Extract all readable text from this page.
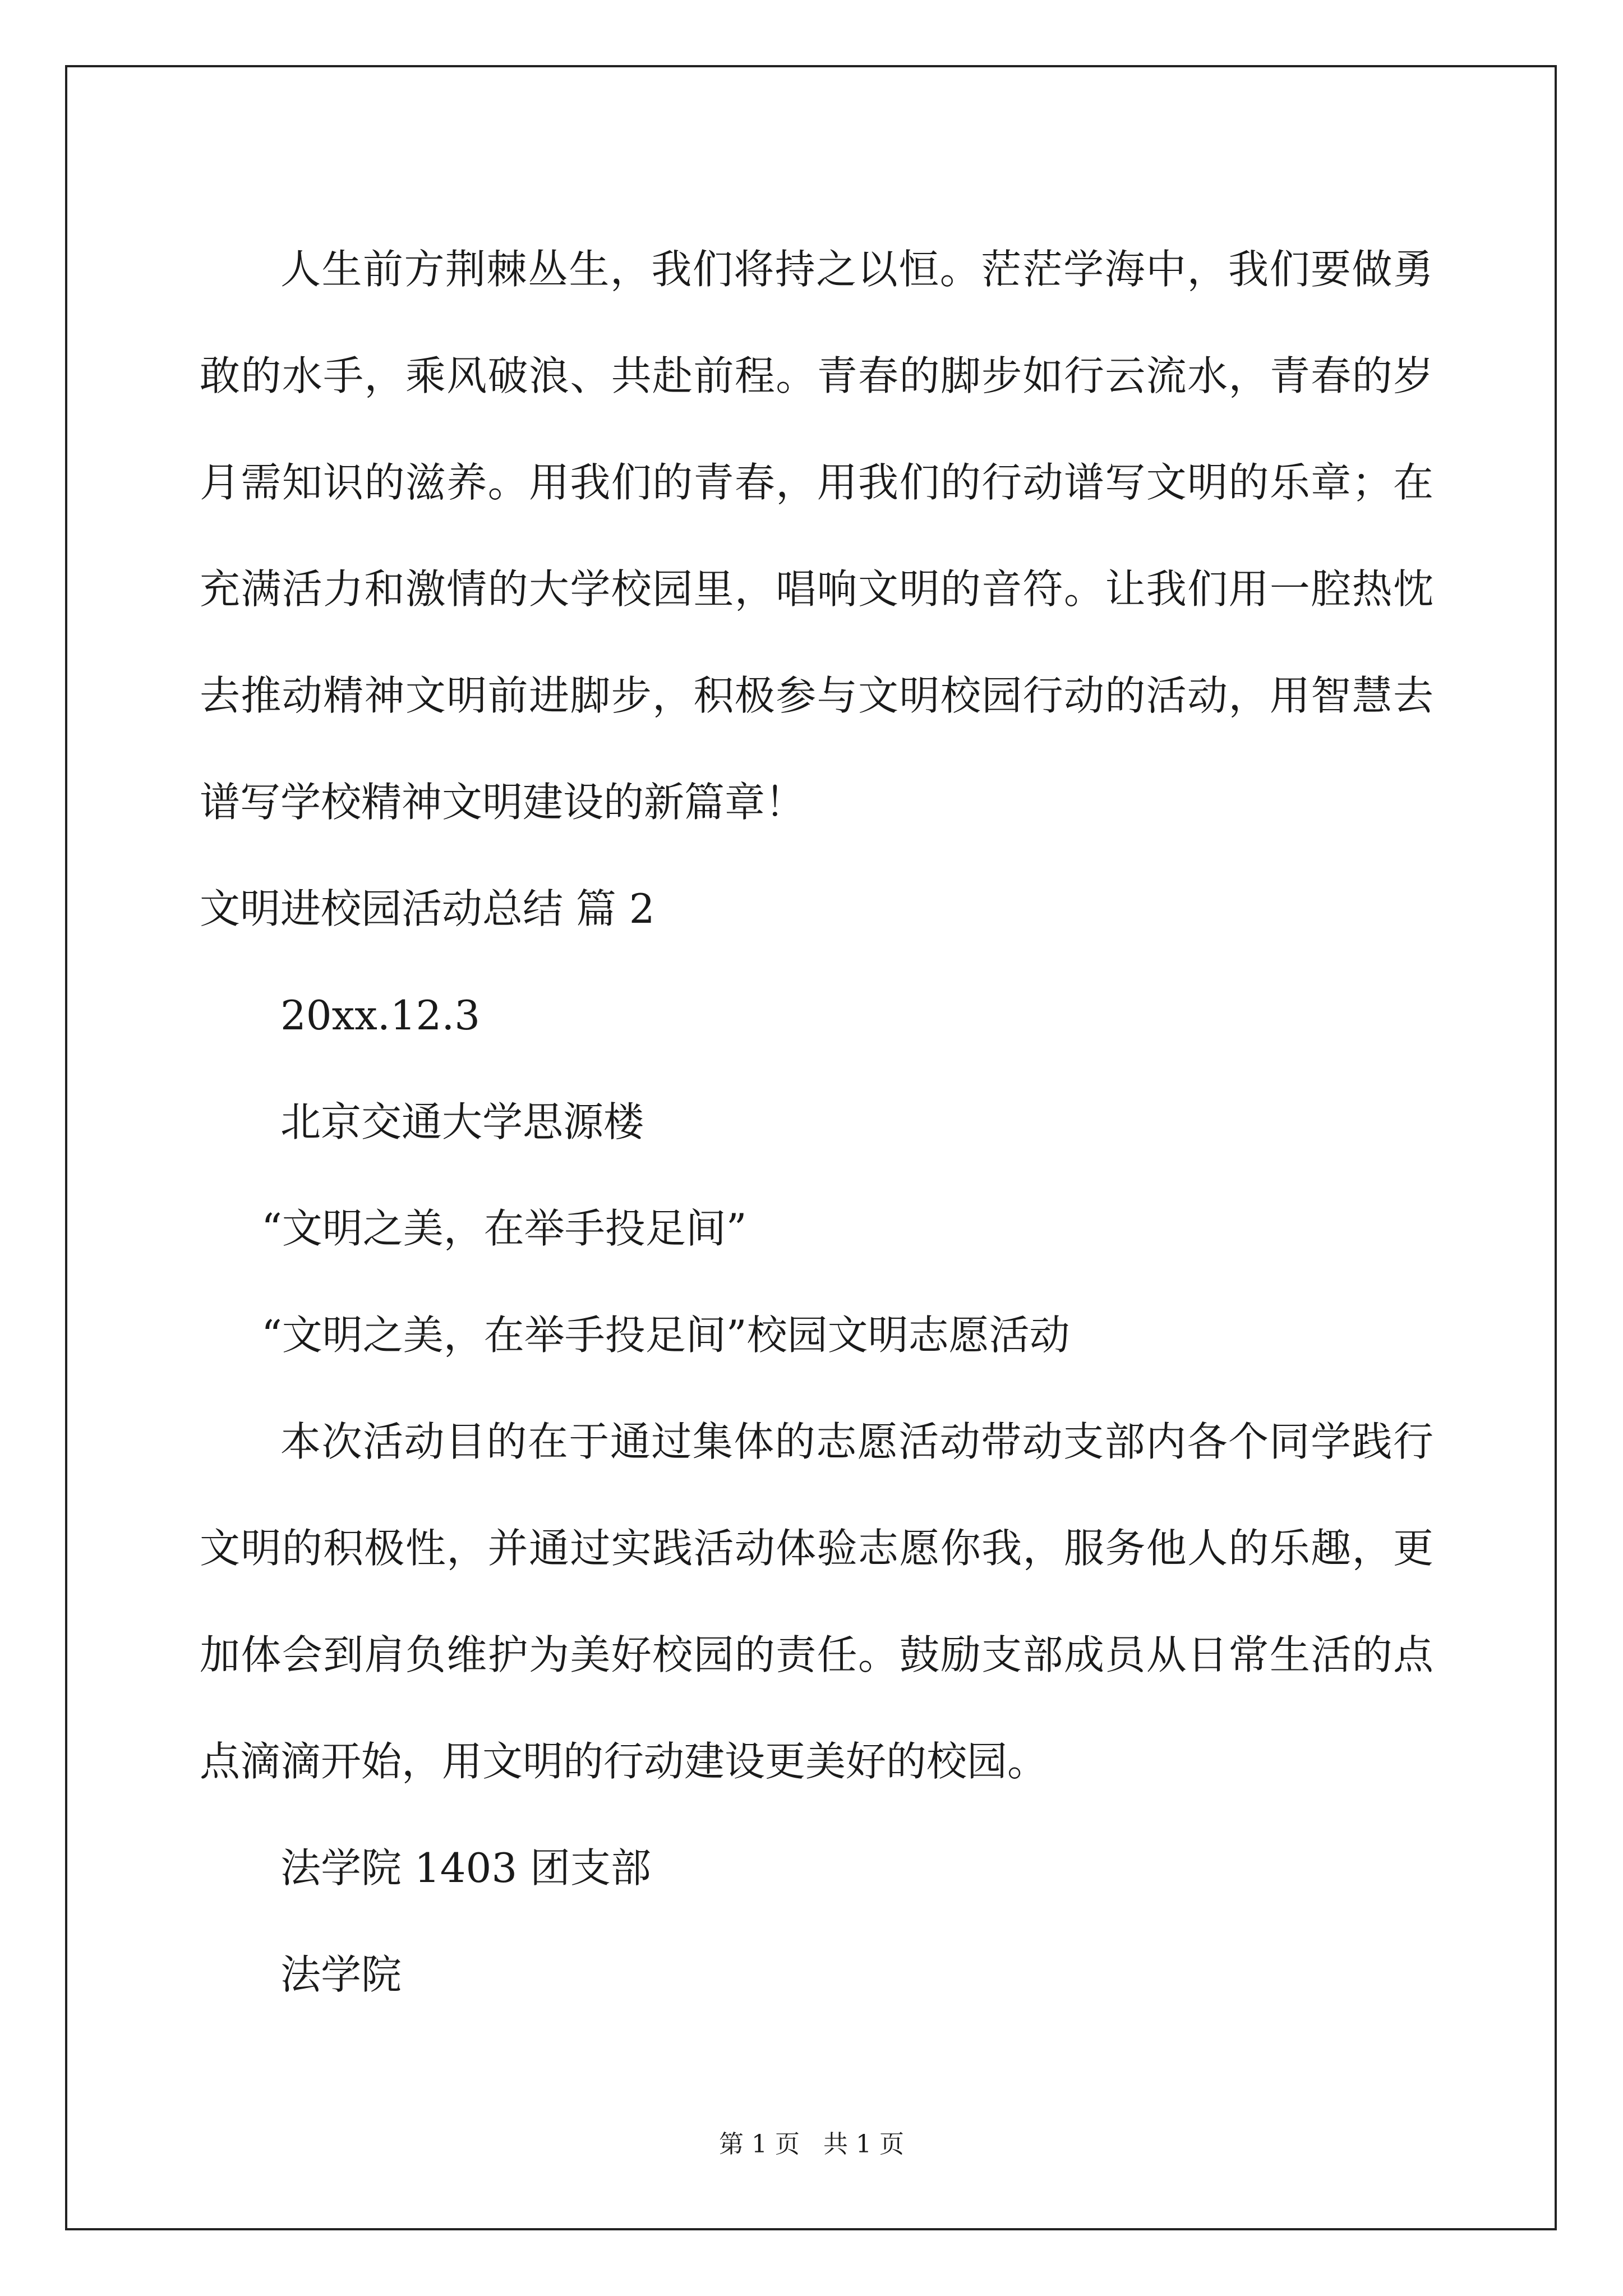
人生前方荆棘丛生，我们将持之以恒。茫茫学海中，我们要做勇敢的水手，乘风破浪、共赴前程。青春的脚步如行云流水，青春的岁月需知识的滋养。用我们的青春，用我们的行动谱写文明的乐章；在充满活力和激情的大学校园里，唱响文明的音符。让我们用一腔热忱去推动精神文明前进脚步，积极参与文明校园行动的活动，用智慧去谱写学校精神文明建设的新篇章！

文明进校园活动总结 篇 2

20xx.12.3

北京交通大学思源楼

“文明之美，在举手投足间”

“文明之美，在举手投足间”校园文明志愿活动

本次活动目的在于通过集体的志愿活动带动支部内各个同学践行文明的积极性，并通过实践活动体验志愿你我，服务他人的乐趣，更加体会到肩负维护为美好校园的责任。鼓励支部成员从日常生活的点点滴滴开始，用文明的行动建设更美好的校园。

法学院 1403 团支部

法学院

第 1 页   共 1 页
